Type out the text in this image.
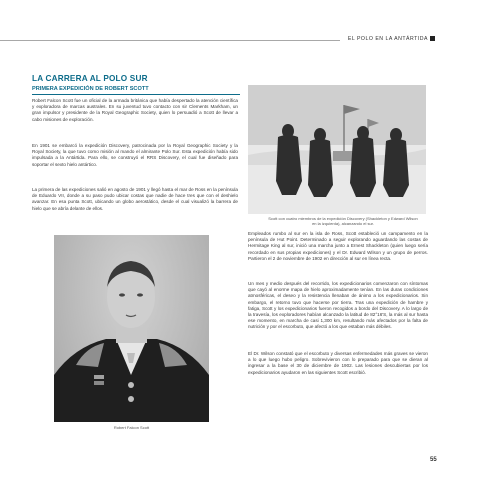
EL POLO EN LA ANTÁRTIDA
LA CARRERA AL POLO SUR
PRIMERA EXPEDICIÓN DE ROBERT SCOTT

Robert Falcon Scott fue un oficial de la armada británica que había despertado la atención científica y exploradora de marcas australes. En su juventud tuvo contacto con sir Clements Markham, un gran impulsor y presidente de la Royal Geographic Society, quien lo persuadió a Scott de llevar a cabo misiones de exploración.

En 1901 se embarcó la expedición Discovery, patrocinada por la Royal Geographic Society y la Royal Society, la que tuvo como misión al mando el almirante Polo Sur. Esta expedición había sido impulsada a la Antártida. Para ello, se construyó el RRS Discovery, el cual fue diseñado para soportar el sexto hielo antártico.

La primera de las expediciones salió en agosto de 1901 y llegó hasta el mar de Ross en la península de Eduardo VII, donde a su paso pudo ubicar costas que nadie de hace tres que con el deshielo avanzar. En esa punta Scott, ubicando un globo aerostático, desde el cual visualizó la barrera de hielo que se abría delante de ellos.

Scott con cuatro miembros de la expedición Discovery (Shackleton y Edward Wilson en la izquierda), alcanzando el sur.
Robert Falcon Scott

Empleados rumbo al sur en la isla de Ross, Scott estableció un campamento en la península de Hut Point. Determinado a seguir explorando aguardando las costas de Hermitage King al sur, inició una marcha junto a Ernest Shackleton (quien luego sería recordado en sus propias expediciones) y el Dr. Edward Wilson y un grupo de perros. Partieron el 2 de noviembre de 1902 en dirección al sur en línea recta.

Un mes y medio después del recorrido, los expedicionarios comenzaron con síntomas que cayó al enorme mapa de hielo aproximadamente tenían. En las duras condiciones atmosféricas, el deseo y la resistencia llenaban de ánimo a los expedicionarios. Sin embargo, el retorno tuvo que hacerse por tierra. Tras una expedición de hambre y fatiga, Scott y los expedicionarios fueron recogidos a bordo del Discovery. A lo largo de la travesía, los exploradores habían alcanzado la latitud de 82°16'S, la más al sur hasta ese momento, en marcha de casi 1,300 km, resultando más afectados por la falta de nutrición y por el escorbuto, que afectó a los que estaban más débiles.

El Dr. Wilson constató que el escorbuto y diversas enfermedades más graves se vieron a lo que luego hubo peligro. Sobrevivieron con lo preparado para que se dieran al ingresar a la base el 30 de diciembre de 1902. Las lesiones descubiertas por los expedicionarios ayudaron en las siguientes Scott escribió.

55
